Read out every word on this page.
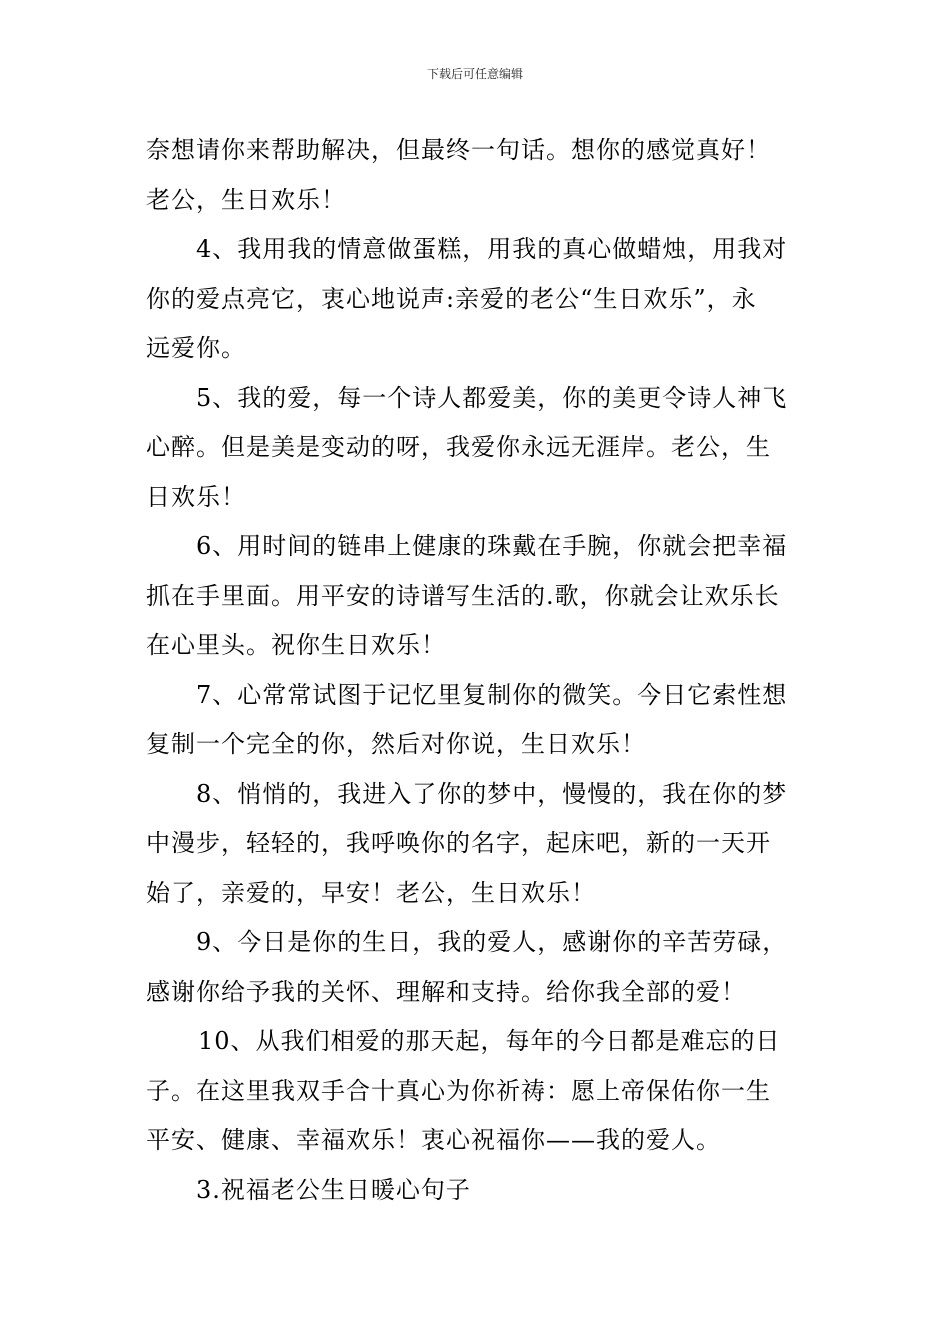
下载后可任意编辑
奈想请你来帮助解决，但最终一句话。想你的感觉真好！
老公，生日欢乐！
4、我用我的情意做蛋糕，用我的真心做蜡烛，用我对
你的爱点亮它，衷心地说声:亲爱的老公“生日欢乐”，永
远爱你。
5、我的爱，每一个诗人都爱美，你的美更令诗人神飞
心醉。但是美是变动的呀，我爱你永远无涯岸。老公，生
日欢乐！
6、用时间的链串上健康的珠戴在手腕，你就会把幸福
抓在手里面。用平安的诗谱写生活的.歌，你就会让欢乐长
在心里头。祝你生日欢乐！
7、心常常试图于记忆里复制你的微笑。今日它索性想
复制一个完全的你，然后对你说，生日欢乐！
8、悄悄的，我进入了你的梦中，慢慢的，我在你的梦
中漫步，轻轻的，我呼唤你的名字，起床吧，新的一天开
始了，亲爱的，早安！老公，生日欢乐！
9、今日是你的生日，我的爱人，感谢你的辛苦劳碌，
感谢你给予我的关怀、理解和支持。给你我全部的爱！
10、从我们相爱的那天起，每年的今日都是难忘的日
子。在这里我双手合十真心为你祈祷：愿上帝保佑你一生
平安、健康、幸福欢乐！衷心祝福你——我的爱人。
3.祝福老公生日暖心句子
